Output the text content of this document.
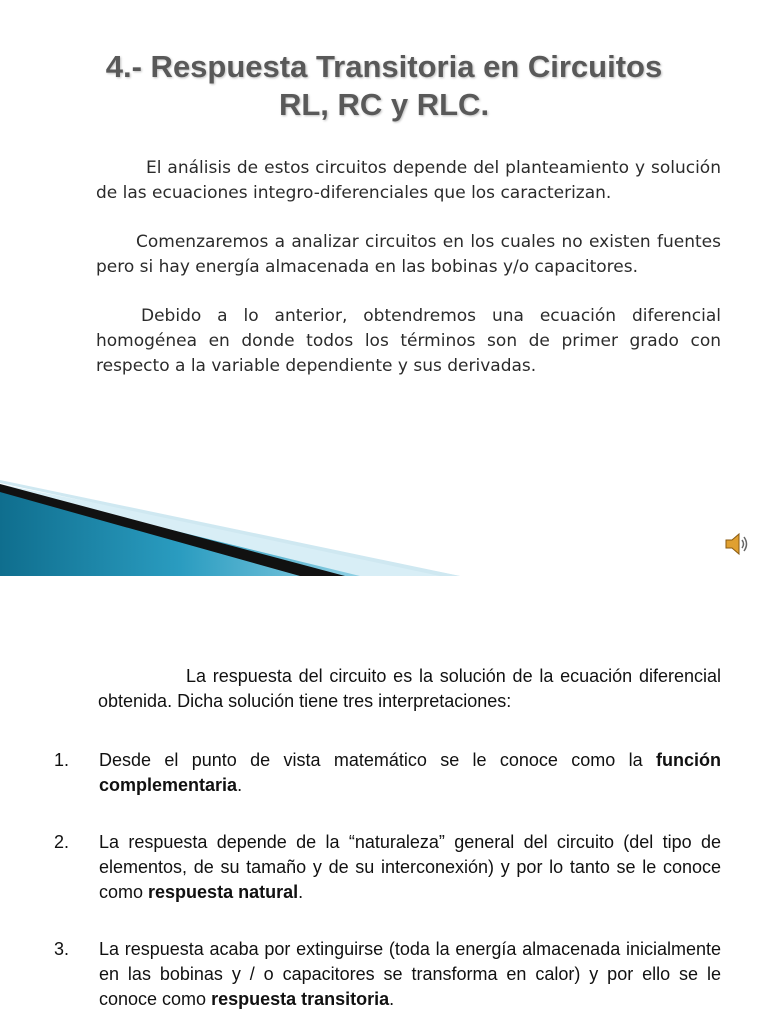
4.- Respuesta Transitoria en Circuitos
RL, RC y RLC.

El análisis de estos circuitos depende del planteamiento y solución de las ecuaciones integro-diferenciales que los caracterizan.

Comenzaremos a analizar circuitos en los cuales no existen fuentes pero si hay energía almacenada en las bobinas y/o capacitores.

Debido a lo anterior, obtendremos una ecuación diferencial homogénea en donde todos los términos son de primer grado con respecto a la variable dependiente y sus derivadas.

La respuesta del circuito es la solución de la ecuación diferencial obtenida. Dicha solución tiene tres interpretaciones:

1.	Desde el punto de vista matemático se le conoce como la función complementaria.
2.	La respuesta depende de la “naturaleza” general del circuito (del tipo de elementos, de su tamaño y de su interconexión) y por lo tanto se le conoce como respuesta natural.
3.	La respuesta acaba por extinguirse (toda la energía almacenada inicialmente en las bobinas y / o capacitores se transforma en calor) y por ello se le conoce como respuesta transitoria.
